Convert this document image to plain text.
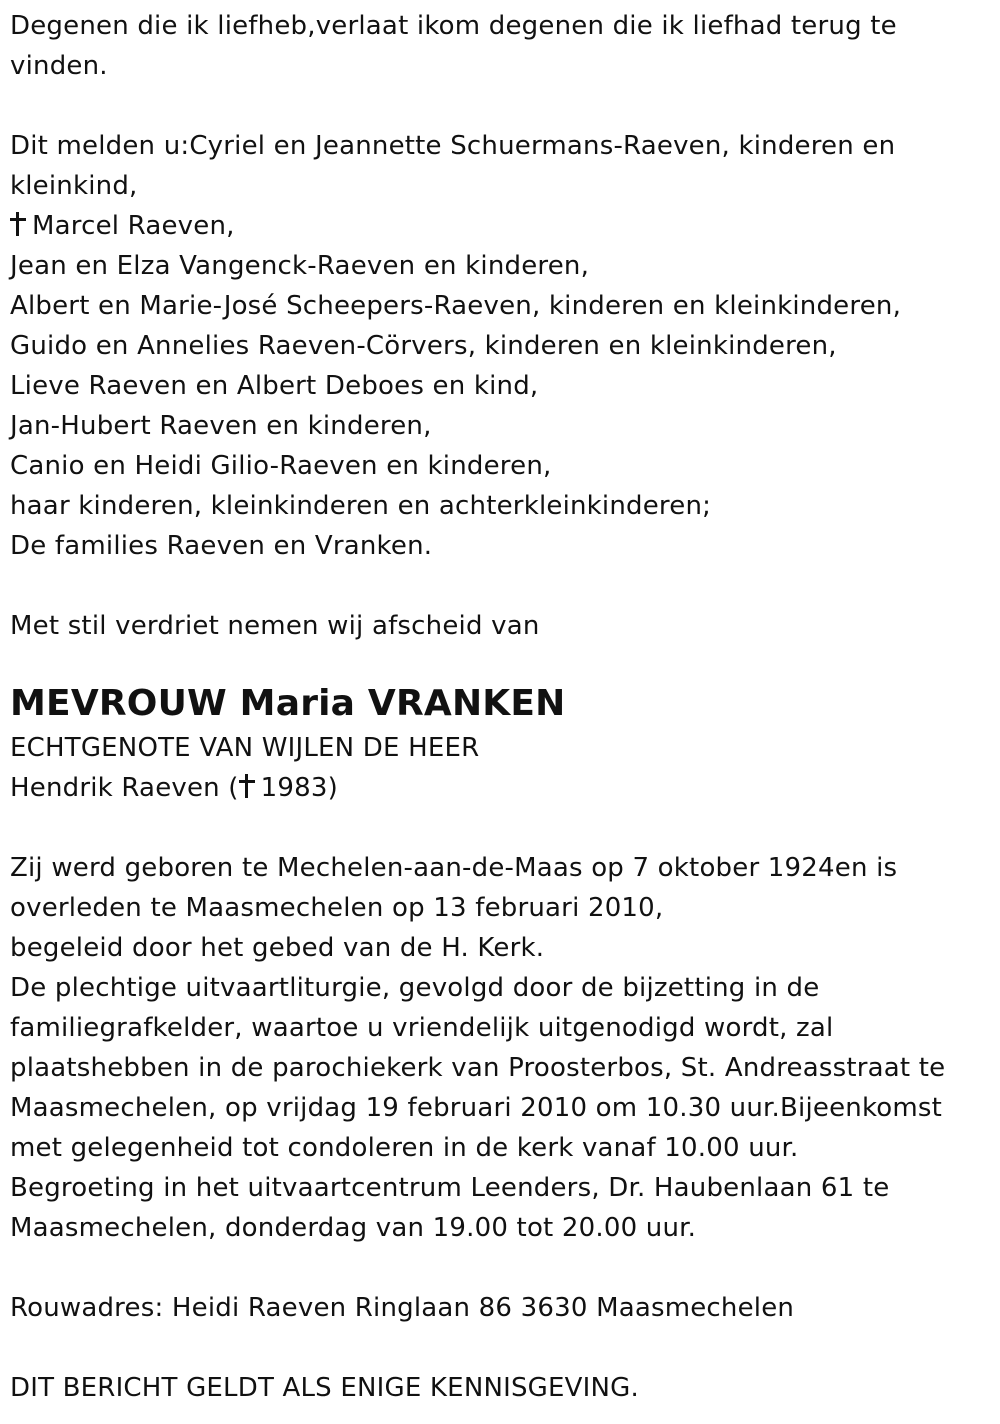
Degenen die ik liefheb,verlaat ikom degenen die ik liefhad terug te
vinden.
Dit melden u:Cyriel en Jeannette Schuermans-Raeven, kinderen en
kleinkind,
Marcel Raeven,
Jean en Elza Vangenck-Raeven en kinderen,
Albert en Marie-José Scheepers-Raeven, kinderen en kleinkinderen,
Guido en Annelies Raeven-Cörvers, kinderen en kleinkinderen,
Lieve Raeven en Albert Deboes en kind,
Jan-Hubert Raeven en kinderen,
Canio en Heidi Gilio-Raeven en kinderen,
haar kinderen, kleinkinderen en achterkleinkinderen;
De families Raeven en Vranken.
Met stil verdriet nemen wij afscheid van
MEVROUW Maria VRANKEN
ECHTGENOTE VAN WIJLEN DE HEER
Hendrik Raeven ( 1983)
Zij werd geboren te Mechelen-aan-de-Maas op 7 oktober 1924en is
overleden te Maasmechelen op 13 februari 2010,
begeleid door het gebed van de H. Kerk.
De plechtige uitvaartliturgie, gevolgd door de bijzetting in de
familiegrafkelder, waartoe u vriendelijk uitgenodigd wordt, zal
plaatshebben in de parochiekerk van Proosterbos, St. Andreasstraat te
Maasmechelen, op vrijdag 19 februari 2010 om 10.30 uur.Bijeenkomst
met gelegenheid tot condoleren in de kerk vanaf 10.00 uur.
Begroeting in het uitvaartcentrum Leenders, Dr. Haubenlaan 61 te
Maasmechelen, donderdag van 19.00 tot 20.00 uur.
Rouwadres: Heidi Raeven Ringlaan 86 3630 Maasmechelen
DIT BERICHT GELDT ALS ENIGE KENNISGEVING.
